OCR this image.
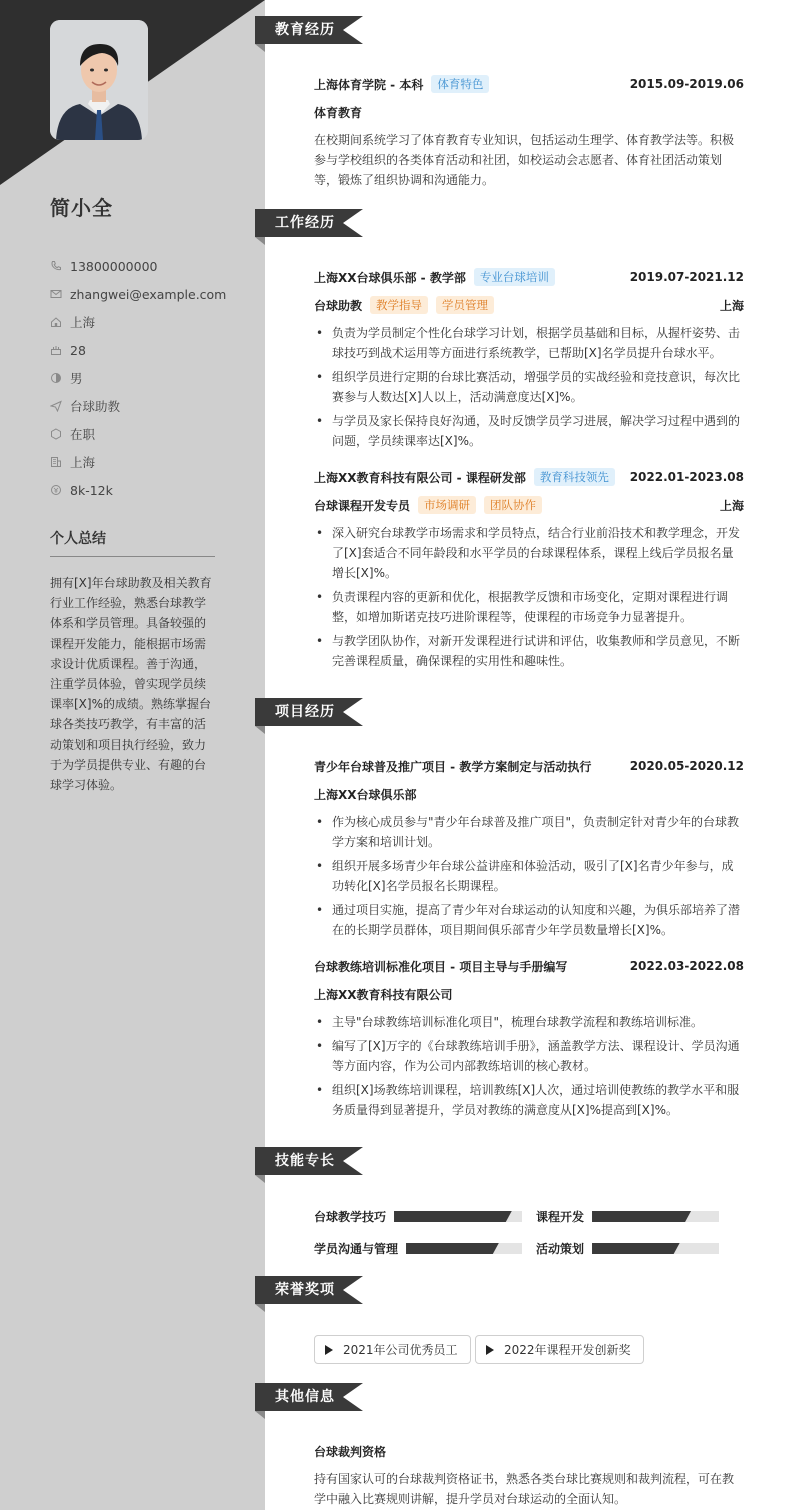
简小全
13800000000
zhangwei@example.com
上海
28
男
台球助教
在职
上海
8k-12k
个人总结
拥有[X]年台球助教及相关教育行业工作经验，熟悉台球教学体系和学员管理。具备较强的课程开发能力，能根据市场需求设计优质课程。善于沟通，注重学员体验，曾实现学员续课率[X]%的成绩。熟练掌握台球各类技巧教学，有丰富的活动策划和项目执行经验，致力于为学员提供专业、有趣的台球学习体验。
教育经历
上海体育学院 - 本科	体育特色	2015.09-2019.06
体育教育
在校期间系统学习了体育教育专业知识，包括运动生理学、体育教学法等。积极参与学校组织的各类体育活动和社团，如校运动会志愿者、体育社团活动策划等，锻炼了组织协调和沟通能力。
工作经历
上海XX台球俱乐部 - 教学部	专业台球培训	2019.07-2021.12
台球助教	教学指导	学员管理	上海
• 负责为学员制定个性化台球学习计划，根据学员基础和目标，从握杆姿势、击球技巧到战术运用等方面进行系统教学，已帮助[X]名学员提升台球水平。
• 组织学员进行定期的台球比赛活动，增强学员的实战经验和竞技意识，每次比赛参与人数达[X]人以上，活动满意度达[X]%。
• 与学员及家长保持良好沟通，及时反馈学员学习进展，解决学习过程中遇到的问题，学员续课率达[X]%。
上海XX教育科技有限公司 - 课程研发部	教育科技领先	2022.01-2023.08
台球课程开发专员	市场调研	团队协作	上海
• 深入研究台球教学市场需求和学员特点，结合行业前沿技术和教学理念，开发了[X]套适合不同年龄段和水平学员的台球课程体系，课程上线后学员报名量增长[X]%。
• 负责课程内容的更新和优化，根据教学反馈和市场变化，定期对课程进行调整，如增加斯诺克技巧进阶课程等，使课程的市场竞争力显著提升。
• 与教学团队协作，对新开发课程进行试讲和评估，收集教师和学员意见，不断完善课程质量，确保课程的实用性和趣味性。
项目经历
青少年台球普及推广项目 - 教学方案制定与活动执行	2020.05-2020.12
上海XX台球俱乐部
• 作为核心成员参与"青少年台球普及推广项目"，负责制定针对青少年的台球教学方案和培训计划。
• 组织开展多场青少年台球公益讲座和体验活动，吸引了[X]名青少年参与，成功转化[X]名学员报名长期课程。
• 通过项目实施，提高了青少年对台球运动的认知度和兴趣，为俱乐部培养了潜在的长期学员群体，项目期间俱乐部青少年学员数量增长[X]%。
台球教练培训标准化项目 - 项目主导与手册编写	2022.03-2022.08
上海XX教育科技有限公司
• 主导"台球教练培训标准化项目"，梳理台球教学流程和教练培训标准。
• 编写了[X]万字的《台球教练培训手册》，涵盖教学方法、课程设计、学员沟通等方面内容，作为公司内部教练培训的核心教材。
• 组织[X]场教练培训课程，培训教练[X]人次，通过培训使教练的教学水平和服务质量得到显著提升，学员对教练的满意度从[X]%提高到[X]%。
技能专长
台球教学技巧	课程开发
学员沟通与管理	活动策划
荣誉奖项
2021年公司优秀员工	2022年课程开发创新奖
其他信息
台球裁判资格
持有国家认可的台球裁判资格证书，熟悉各类台球比赛规则和裁判流程，可在教学中融入比赛规则讲解，提升学员对台球运动的全面认知。
